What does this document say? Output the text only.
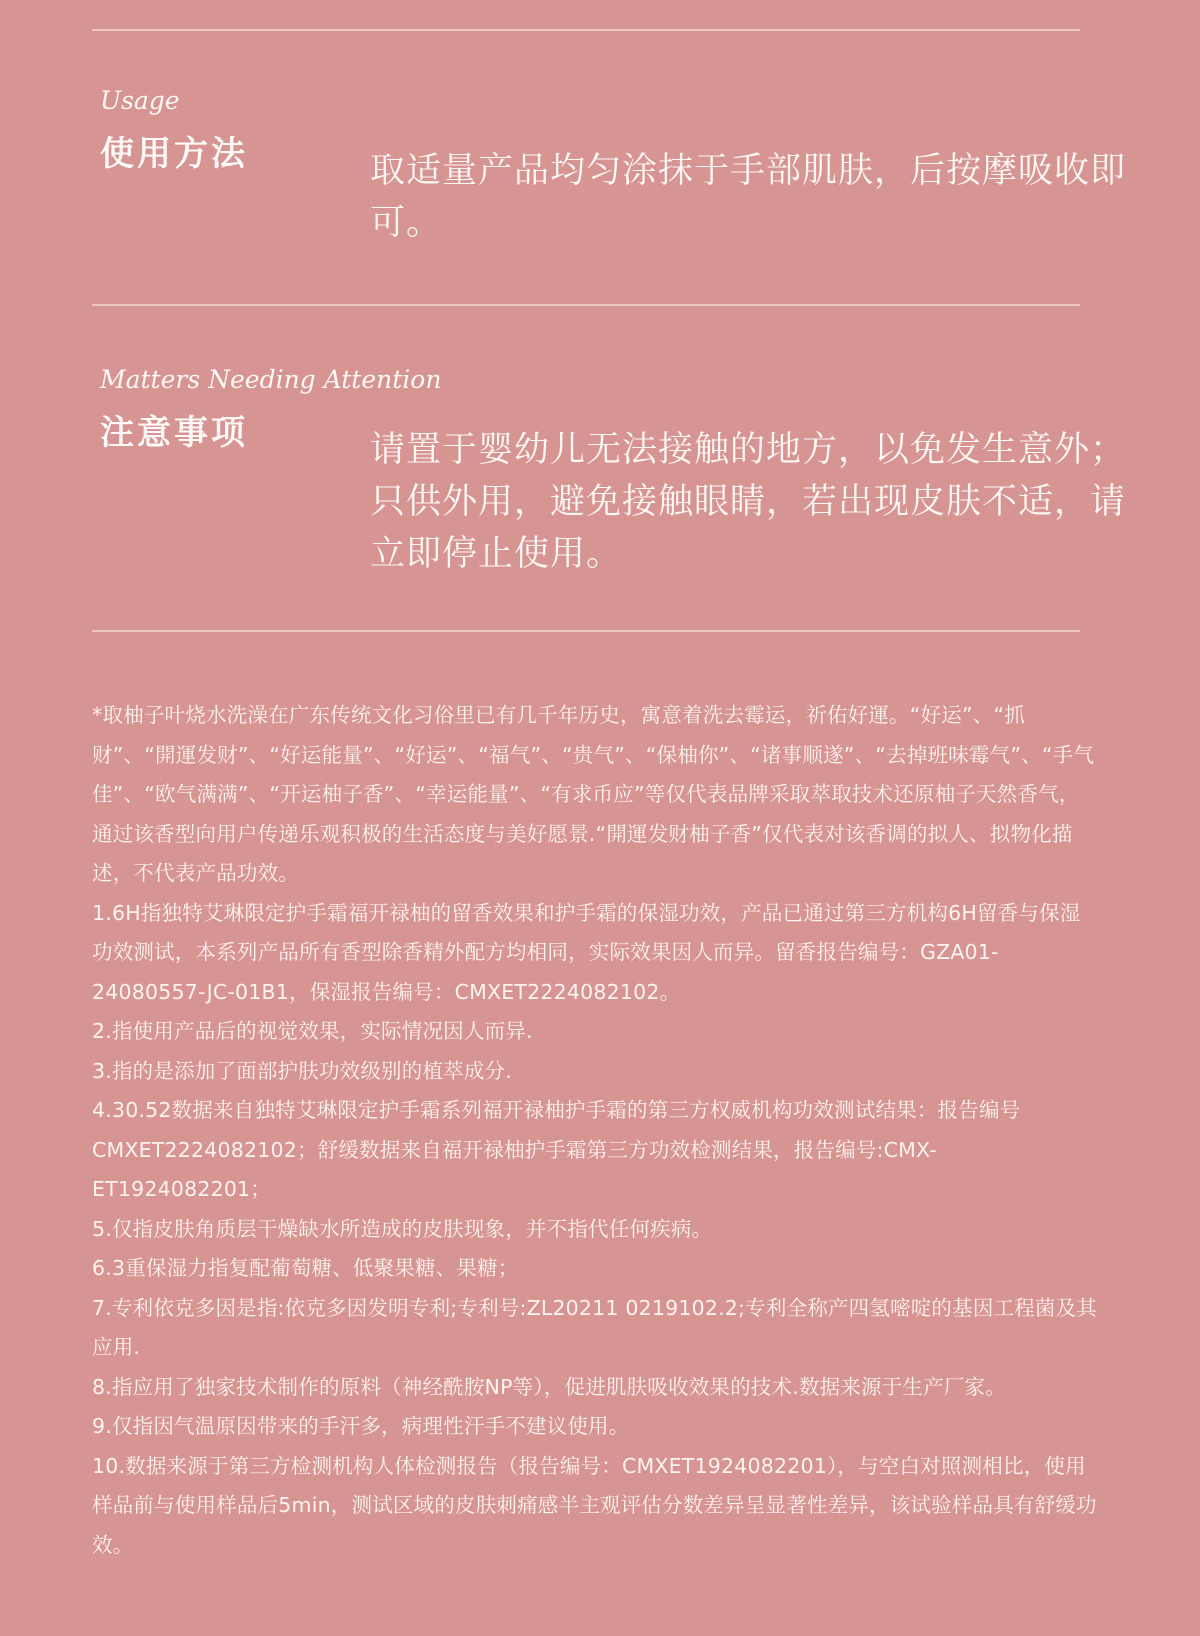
Usage
使用方法	取适量产品均匀涂抹于手部肌肤，后按摩吸收即可。
Matters Needing Attention
注意事项	请置于婴幼儿无法接触的地方，以免发生意外；只供外用，避免接触眼睛，若出现皮肤不适，请立即停止使用。

*取柚子叶烧水洗澡在广东传统文化习俗里已有几千年历史，寓意着洗去霉运，祈佑好運。“好运”、“抓财”、“開運发财”、“好运能量”、“好运”、“福气”、“贵气”、“保柚你”、“诸事顺遂”、“去掉班味霉气”、“手气佳”、“欧气满满”、“开运柚子香”、“幸运能量”、“有求币应”等仅代表品牌采取萃取技术还原柚子天然香气，通过该香型向用户传递乐观积极的生活态度与美好愿景.“開運发财柚子香”仅代表对该香调的拟人、拟物化描述，不代表产品功效。

1.6H指独特艾琳限定护手霜福开禄柚的留香效果和护手霜的保湿功效，产品已通过第三方机构6H留香与保湿功效测试，本系列产品所有香型除香精外配方均相同，实际效果因人而异。留香报告编号：GZA01-24080557-JC-01B1，保湿报告编号：CMXET2224082102。

2.指使用产品后的视觉效果，实际情况因人而异.

3.指的是添加了面部护肤功效级别的植萃成分.

4.30.52数据来自独特艾琳限定护手霜系列福开禄柚护手霜的第三方权威机构功效测试结果：报告编号CMXET2224082102；舒缓数据来自福开禄柚护手霜第三方功效检测结果，报告编号:CMX-ET1924082201；

5.仅指皮肤角质层干燥缺水所造成的皮肤现象，并不指代任何疾病。

6.3重保湿力指复配葡萄糖、低聚果糖、果糖；

7.专利依克多因是指:依克多因发明专利;专利号:ZL20211 0219102.2;专利全称产四氢嘧啶的基因工程菌及其应用.

8.指应用了独家技术制作的原料（神经酰胺NP等），促进肌肤吸收效果的技术.数据来源于生产厂家。

9.仅指因气温原因带来的手汗多，病理性汗手不建议使用。

10.数据来源于第三方检测机构人体检测报告（报告编号：CMXET1924082201），与空白对照测相比，使用样品前与使用样品后5min，测试区域的皮肤刺痛感半主观评估分数差异呈显著性差异，该试验样品具有舒缓功效。
